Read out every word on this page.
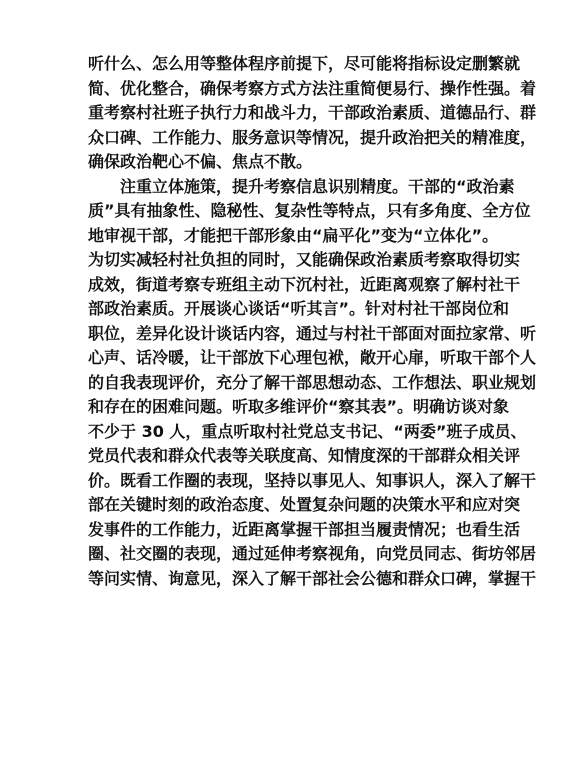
听什么、怎么用等整体程序前提下，尽可能将指标设定删繁就
简、优化整合，确保考察方式方法注重简便易行、操作性强。着
重考察村社班子执行力和战斗力，干部政治素质、道德品行、群
众口碑、工作能力、服务意识等情况，提升政治把关的精准度，
确保政治靶心不偏、焦点不散。
　　注重立体施策，提升考察信息识别精度。干部的“政治素
质”具有抽象性、隐秘性、复杂性等特点，只有多角度、全方位
地审视干部，才能把干部形象由“扁平化”变为“立体化”。
为切实减轻村社负担的同时，又能确保政治素质考察取得切实
成效，街道考察专班组主动下沉村社，近距离观察了解村社干
部政治素质。开展谈心谈话“听其言”。针对村社干部岗位和
职位，差异化设计谈话内容，通过与村社干部面对面拉家常、听
心声、话冷暖，让干部放下心理包袱，敞开心扉，听取干部个人
的自我表现评价，充分了解干部思想动态、工作想法、职业规划
和存在的困难问题。听取多维评价“察其表”。明确访谈对象
不少于 30 人，重点听取村社党总支书记、“两委”班子成员、
党员代表和群众代表等关联度高、知情度深的干部群众相关评
价。既看工作圈的表现，坚持以事见人、知事识人，深入了解干
部在关键时刻的政治态度、处置复杂问题的决策水平和应对突
发事件的工作能力，近距离掌握干部担当履责情况；也看生活
圈、社交圈的表现，通过延伸考察视角，向党员同志、街坊邻居
等问实情、询意见，深入了解干部社会公德和群众口碑，掌握干
